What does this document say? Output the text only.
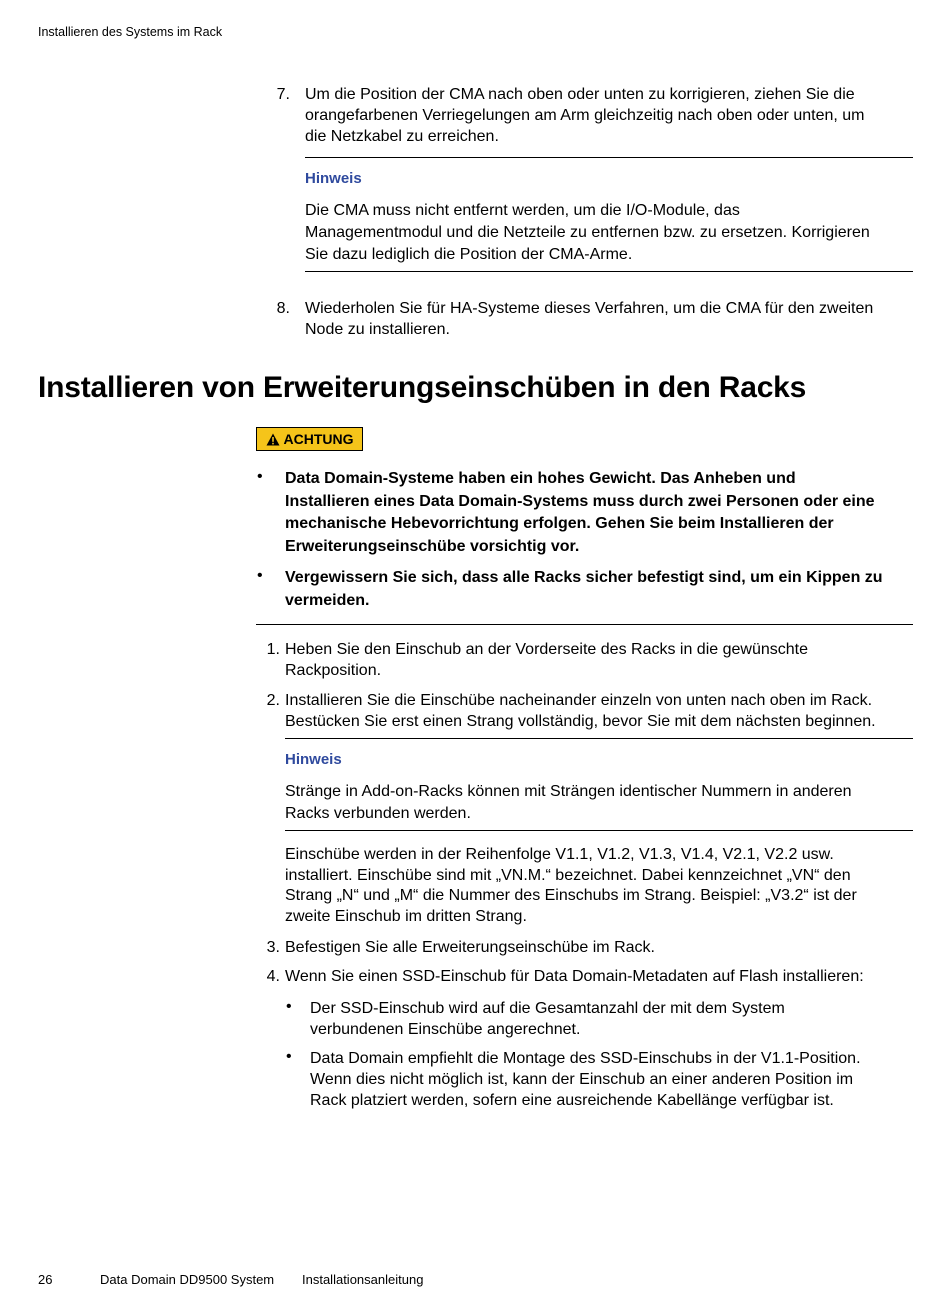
Installieren des Systems im Rack
7. Um die Position der CMA nach oben oder unten zu korrigieren, ziehen Sie die
orangefarbenen Verriegelungen am Arm gleichzeitig nach oben oder unten, um
die Netzkabel zu erreichen.
Hinweis
Die CMA muss nicht entfernt werden, um die I/O-Module, das
Managementmodul und die Netzteile zu entfernen bzw. zu ersetzen. Korrigieren
Sie dazu lediglich die Position der CMA-Arme.
8. Wiederholen Sie für HA-Systeme dieses Verfahren, um die CMA für den zweiten
Node zu installieren.
Installieren von Erweiterungseinschüben in den Racks
ACHTUNG
• Data Domain-Systeme haben ein hohes Gewicht. Das Anheben und
Installieren eines Data Domain-Systems muss durch zwei Personen oder eine
mechanische Hebevorrichtung erfolgen. Gehen Sie beim Installieren der
Erweiterungseinschübe vorsichtig vor.
• Vergewissern Sie sich, dass alle Racks sicher befestigt sind, um ein Kippen zu
vermeiden.
1. Heben Sie den Einschub an der Vorderseite des Racks in die gewünschte
Rackposition.
2. Installieren Sie die Einschübe nacheinander einzeln von unten nach oben im Rack.
Bestücken Sie erst einen Strang vollständig, bevor Sie mit dem nächsten beginnen.
Hinweis
Stränge in Add-on-Racks können mit Strängen identischer Nummern in anderen
Racks verbunden werden.
Einschübe werden in der Reihenfolge V1.1, V1.2, V1.3, V1.4, V2.1, V2.2 usw.
installiert. Einschübe sind mit „VN.M.“ bezeichnet. Dabei kennzeichnet „VN“ den
Strang „N“ und „M“ die Nummer des Einschubs im Strang. Beispiel: „V3.2“ ist der
zweite Einschub im dritten Strang.
3. Befestigen Sie alle Erweiterungseinschübe im Rack.
4. Wenn Sie einen SSD-Einschub für Data Domain-Metadaten auf Flash installieren:
• Der SSD-Einschub wird auf die Gesamtanzahl der mit dem System
verbundenen Einschübe angerechnet.
• Data Domain empfiehlt die Montage des SSD-Einschubs in der V1.1-Position.
Wenn dies nicht möglich ist, kann der Einschub an einer anderen Position im
Rack platziert werden, sofern eine ausreichende Kabellänge verfügbar ist.
26	Data Domain DD9500 System Installationsanleitung
